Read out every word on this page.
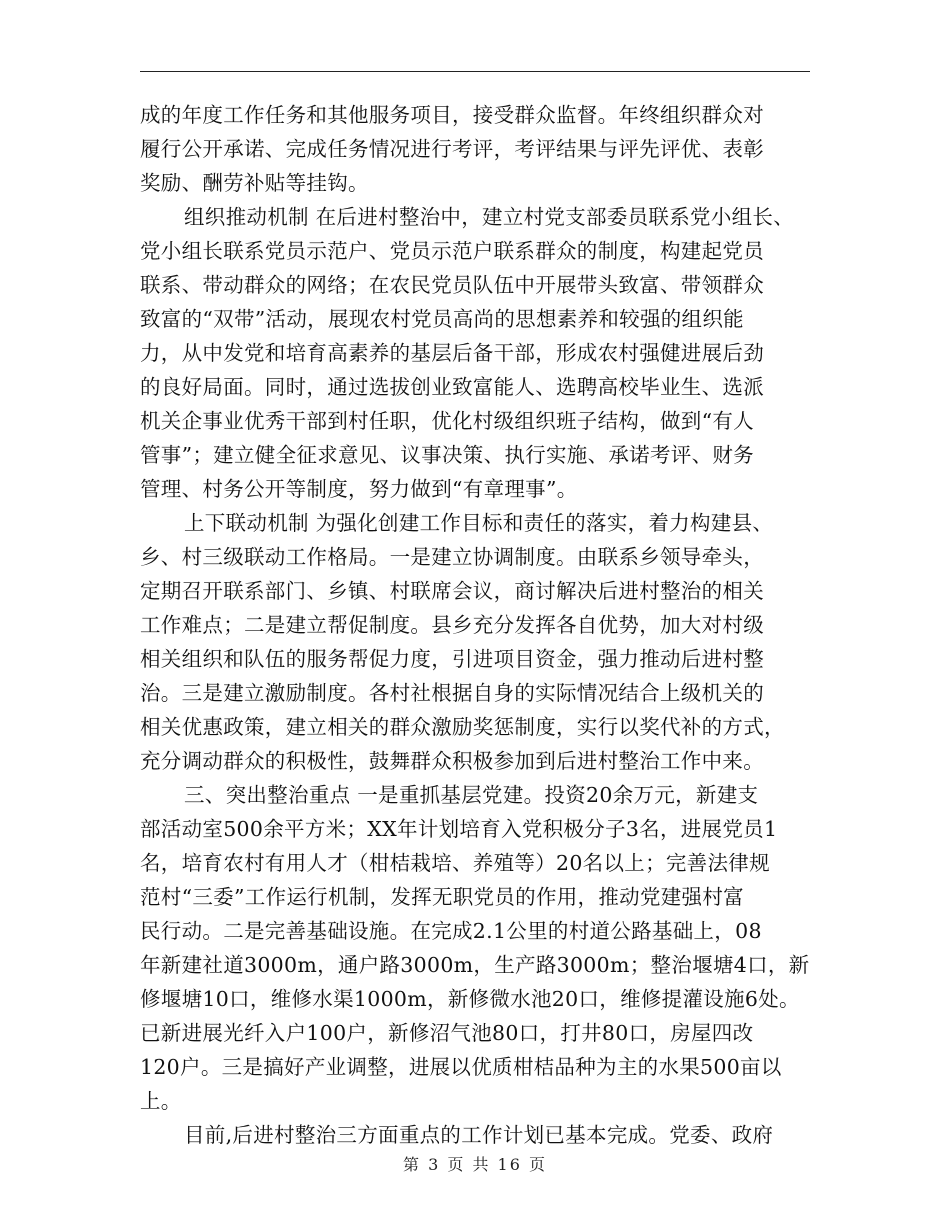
成的年度工作任务和其他服务项目，接受群众监督。年终组织群众对
履行公开承诺、完成任务情况进行考评，考评结果与评先评优、表彰
奖励、酬劳补贴等挂钩。
组织推动机制 在后进村整治中，建立村党支部委员联系党小组长、
党小组长联系党员示范户、党员示范户联系群众的制度，构建起党员
联系、带动群众的网络；在农民党员队伍中开展带头致富、带领群众
致富的“双带”活动，展现农村党员高尚的思想素养和较强的组织能
力，从中发党和培育高素养的基层后备干部，形成农村强健进展后劲
的良好局面。同时，通过选拔创业致富能人、选聘高校毕业生、选派
机关企事业优秀干部到村任职，优化村级组织班子结构，做到“有人
管事”；建立健全征求意见、议事决策、执行实施、承诺考评、财务
管理、村务公开等制度，努力做到“有章理事”。
上下联动机制 为强化创建工作目标和责任的落实，着力构建县、
乡、村三级联动工作格局。一是建立协调制度。由联系乡领导牵头，
定期召开联系部门、乡镇、村联席会议，商讨解决后进村整治的相关
工作难点；二是建立帮促制度。县乡充分发挥各自优势，加大对村级
相关组织和队伍的服务帮促力度，引进项目资金，强力推动后进村整
治。三是建立激励制度。各村社根据自身的实际情况结合上级机关的
相关优惠政策，建立相关的群众激励奖惩制度，实行以奖代补的方式，
充分调动群众的积极性，鼓舞群众积极参加到后进村整治工作中来。
三、突出整治重点 一是重抓基层党建。投资20余万元，新建支
部活动室500余平方米；XX年计划培育入党积极分子3名，进展党员1
名，培育农村有用人才（柑桔栽培、养殖等）20名以上；完善法律规
范村“三委”工作运行机制，发挥无职党员的作用，推动党建强村富
民行动。二是完善基础设施。在完成2.1公里的村道公路基础上，08
年新建社道3000m，通户路3000m，生产路3000m；整治堰塘4口，新
修堰塘10口，维修水渠1000m，新修微水池20口，维修提灌设施6处。
已新进展光纤入户100户，新修沼气池80口，打井80口，房屋四改
120户。三是搞好产业调整，进展以优质柑桔品种为主的水果500亩以
上。
目前,后进村整治三方面重点的工作计划已基本完成。党委、政府
第 3 页 共 16 页
